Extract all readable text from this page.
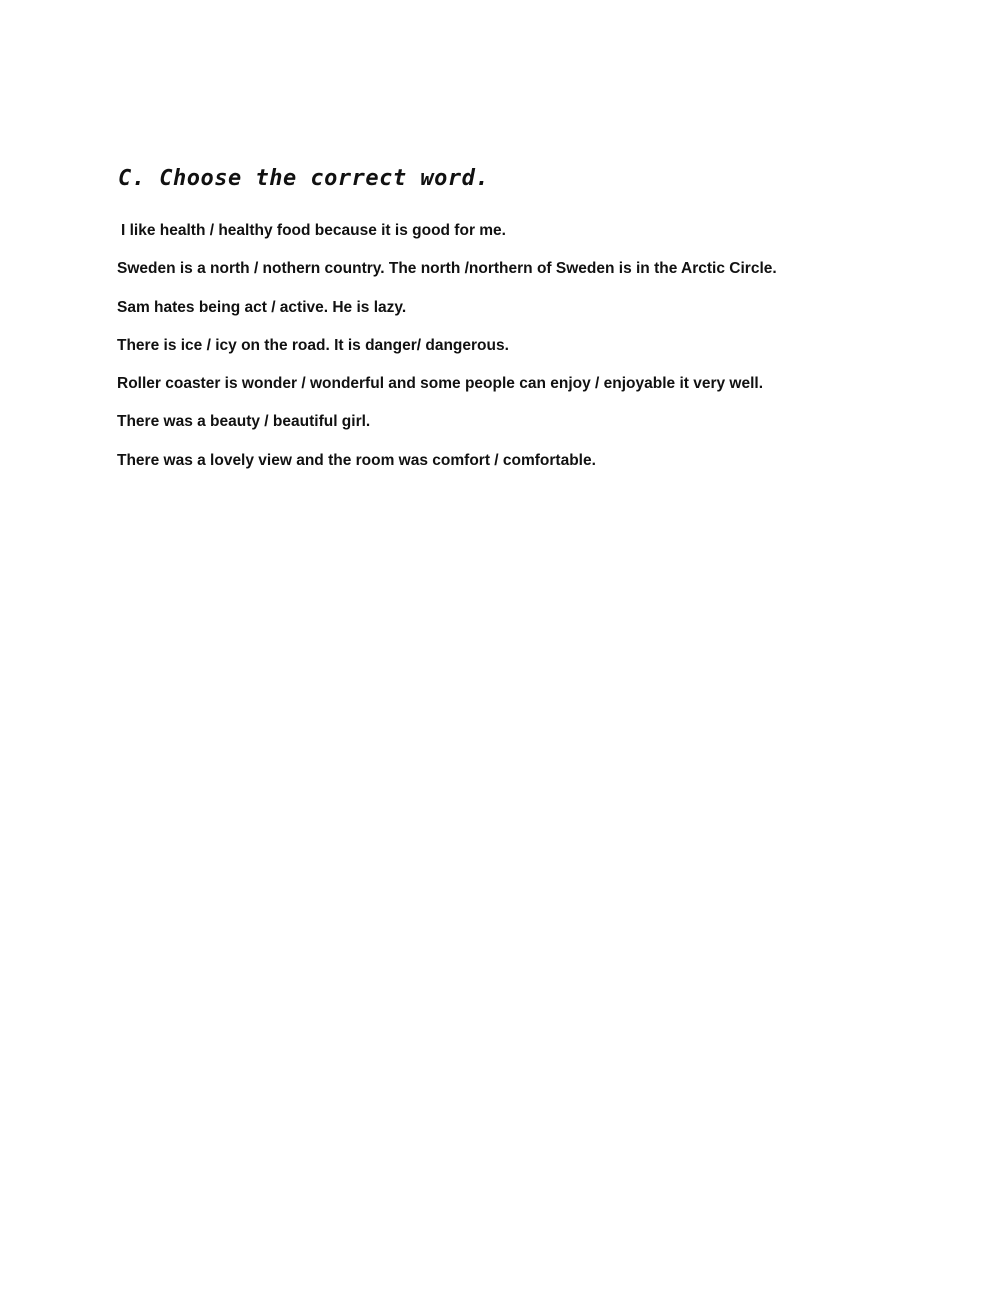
C. Choose the correct word.
I like health / healthy food because it is good for me.
Sweden is a north / nothern country. The north /northern of Sweden is in the Arctic Circle.
Sam hates being act / active. He is lazy.
There is ice / icy on the road. It is danger/ dangerous.
Roller coaster is wonder / wonderful and some people can enjoy / enjoyable it very well.
There was a beauty / beautiful girl.
There was a lovely view and the room was comfort / comfortable.
